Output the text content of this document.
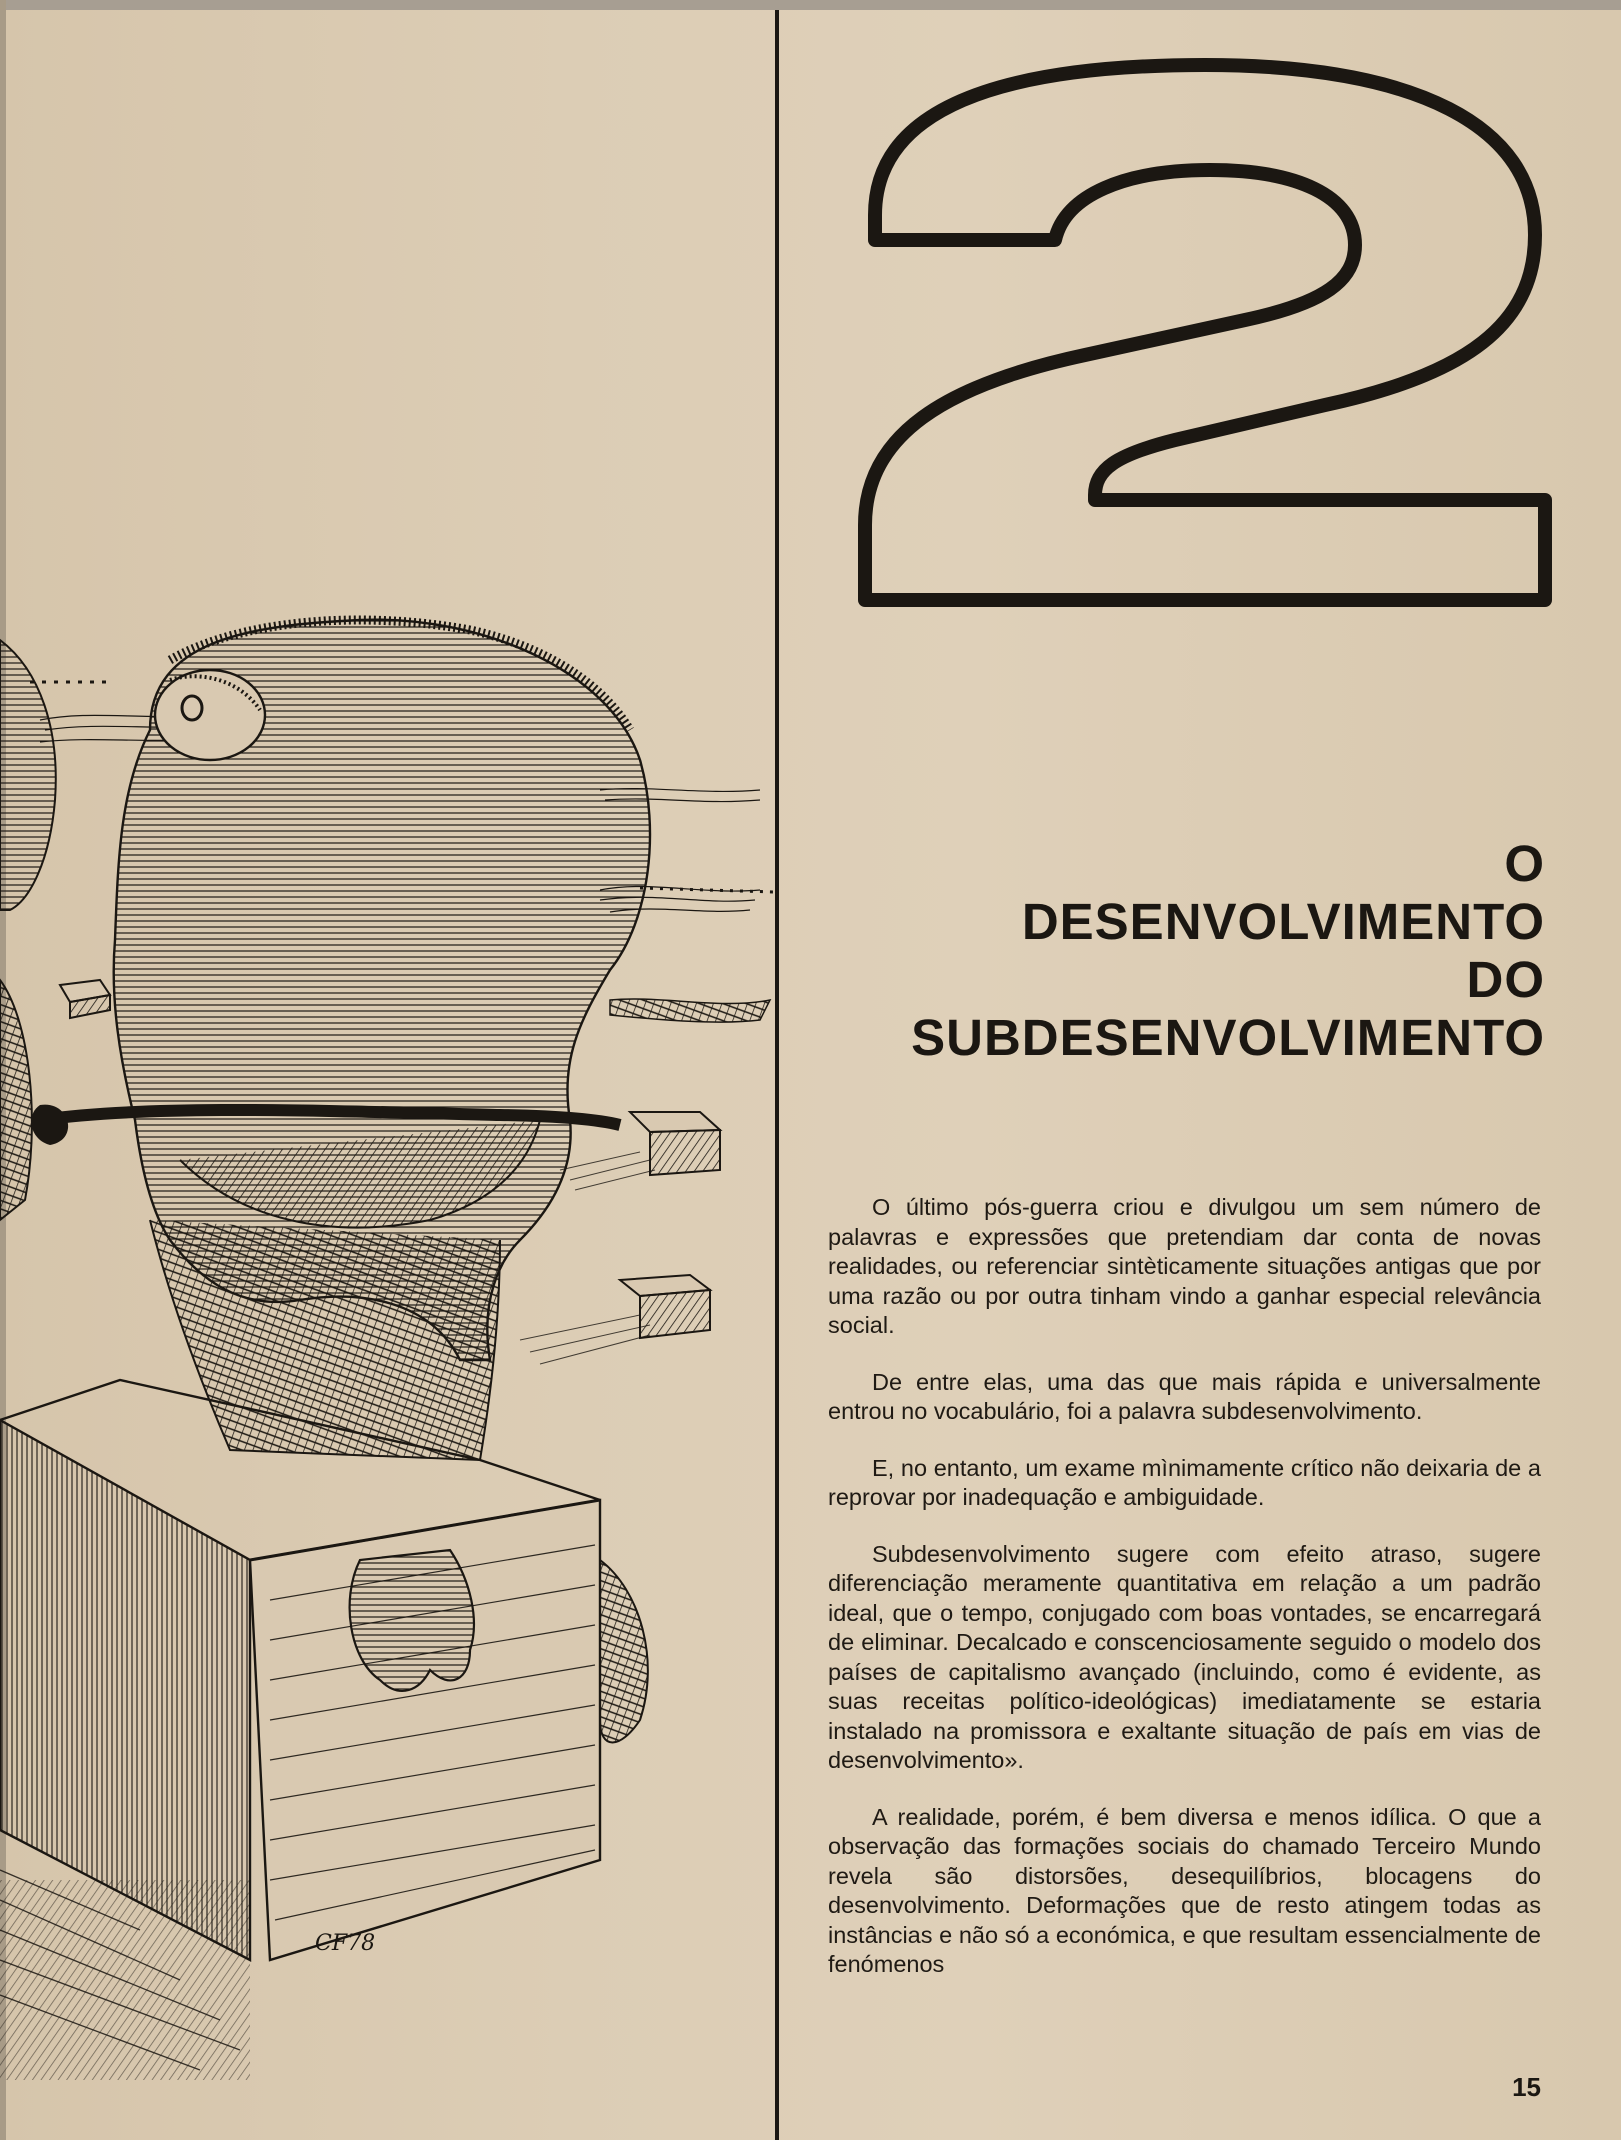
CF78
O
DESENVOLVIMENTO
DO
SUBDESENVOLVIMENTO

O último pós-guerra criou e divulgou um sem número de palavras e expressões que pretendiam dar conta de novas realidades, ou referenciar sintèticamente situações antigas que por uma razão ou por outra tinham vindo a ganhar especial relevância social.

De entre elas, uma das que mais rápida e universalmente entrou no vocabulário, foi a palavra subdesenvolvimento.

E, no entanto, um exame mìnimamente crítico não deixaria de a reprovar por inadequação e ambiguidade.

Subdesenvolvimento sugere com efeito atraso, sugere diferenciação meramente quantitativa em relação a um padrão ideal, que o tempo, conjugado com boas vontades, se encarregará de eliminar. Decalcado e conscenciosamente seguido o modelo dos países de capitalismo avançado (incluindo, como é evidente, as suas receitas político-ideológicas) imediatamente se estaria instalado na promissora e exaltante situação de país em vias de desenvolvimento».

A realidade, porém, é bem diversa e menos idílica. O que a observação das formações sociais do chamado Terceiro Mundo revela são distorsões, desequilíbrios, blocagens do desenvolvimento. Deformações que de resto atingem todas as instâncias e não só a económica, e que resultam essencialmente de fenómenos

15
